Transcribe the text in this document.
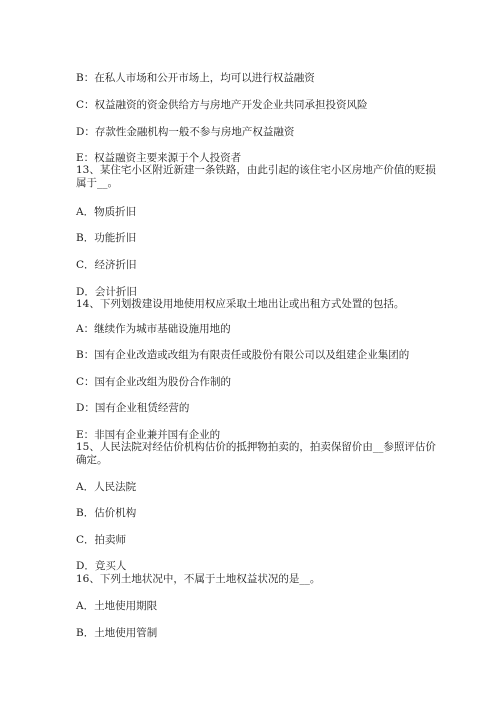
B：在私人市场和公开市场上，均可以进行权益融资
C：权益融资的资金供给方与房地产开发企业共同承担投资风险
D：存款性金融机构一般不参与房地产权益融资
E：权益融资主要来源于个人投资者
13、某住宅小区附近新建一条铁路，由此引起的该住宅小区房地产价值的贬损属于__。
A．物质折旧
B．功能折旧
C．经济折旧
D．会计折旧
14、下列划拨建设用地使用权应采取土地出让或出租方式处置的包括。
A：继续作为城市基础设施用地的
B：国有企业改造或改组为有限责任或股份有限公司以及组建企业集团的
C：国有企业改组为股份合作制的
D：国有企业租赁经营的
E：非国有企业兼并国有企业的
15、人民法院对经估价机构估价的抵押物拍卖的，拍卖保留价由__参照评估价确定。
A．人民法院
B．估价机构
C．拍卖师
D．竞买人
16、下列土地状况中，不属于土地权益状况的是__。
A．土地使用期限
B．土地使用管制
